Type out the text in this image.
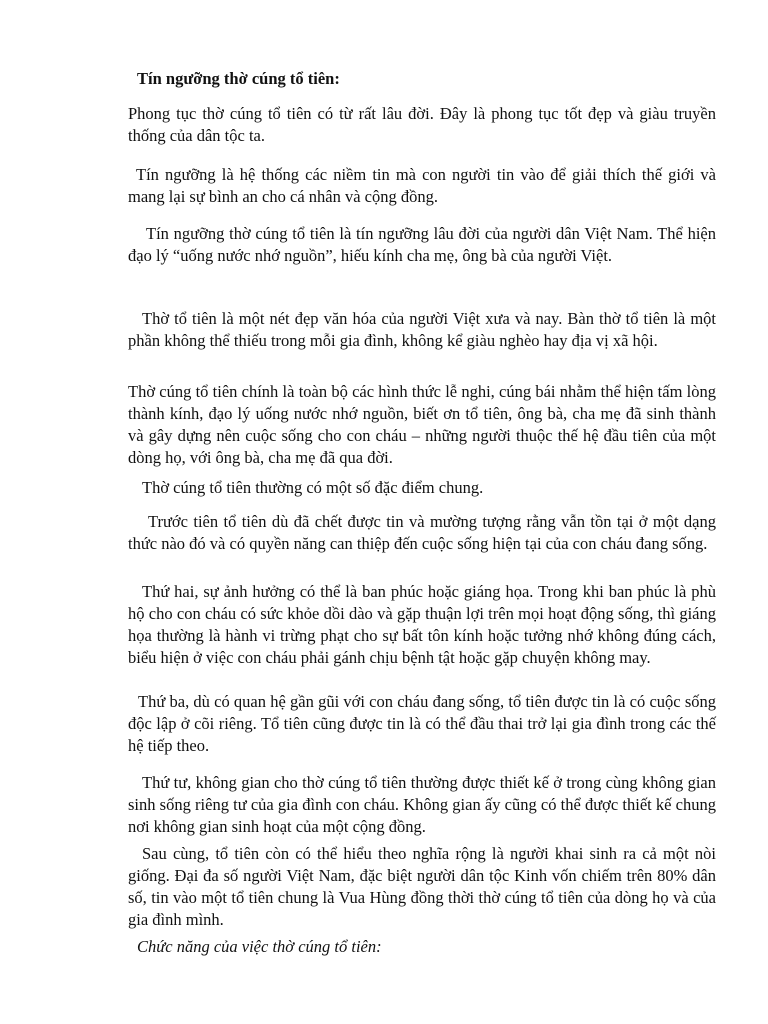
Tín ngưỡng thờ cúng tổ tiên:

Phong tục thờ cúng tổ tiên có từ rất lâu đời. Đây là phong tục tốt đẹp và giàu truyền thống của dân tộc ta.

Tín ngưỡng là hệ thống các niềm tin mà con người tin vào để giải thích thế giới và mang lại sự bình an cho cá nhân và cộng đồng.

Tín ngưỡng thờ cúng tổ tiên là tín ngưỡng lâu đời của người dân Việt Nam. Thể hiện đạo lý “uống nước nhớ nguồn”, hiếu kính cha mẹ, ông bà của người Việt.

Thờ tổ tiên là một nét đẹp văn hóa của người Việt xưa và nay. Bàn thờ tổ tiên là một phần không thể thiếu trong mỗi gia đình, không kể giàu nghèo hay địa vị xã hội.

Thờ cúng tổ tiên chính là toàn bộ các hình thức lễ nghi, cúng bái nhằm thể hiện tấm lòng thành kính, đạo lý uống nước nhớ nguồn, biết ơn tổ tiên, ông bà, cha mẹ đã sinh thành và gây dựng nên cuộc sống cho con cháu – những người thuộc thế hệ đầu tiên của một dòng họ, với ông bà, cha mẹ đã qua đời.

Thờ cúng tổ tiên thường có một số đặc điểm chung.

Trước tiên tổ tiên dù đã chết được tin và mường tượng rằng vẫn tồn tại ở một dạng thức nào đó và có quyền năng can thiệp đến cuộc sống hiện tại của con cháu đang sống.

Thứ hai, sự ảnh hưởng có thể là ban phúc hoặc giáng họa. Trong khi ban phúc là phù hộ cho con cháu có sức khỏe dồi dào và gặp thuận lợi trên mọi hoạt động sống, thì giáng họa thường là hành vi trừng phạt cho sự bất tôn kính hoặc tưởng nhớ không đúng cách, biểu hiện ở việc con cháu phải gánh chịu bệnh tật hoặc gặp chuyện không may.

Thứ ba, dù có quan hệ gần gũi với con cháu đang sống, tổ tiên được tin là có cuộc sống độc lập ở cõi riêng. Tổ tiên cũng được tin là có thể đầu thai trở lại gia đình trong các thế hệ tiếp theo.

Thứ tư, không gian cho thờ cúng tổ tiên thường được thiết kế ở trong cùng không gian sinh sống riêng tư của gia đình con cháu. Không gian ấy cũng có thể được thiết kế chung nơi không gian sinh hoạt của một cộng đồng.

Sau cùng, tổ tiên còn có thể hiểu theo nghĩa rộng là người khai sinh ra cả một nòi giống. Đại đa số người Việt Nam, đặc biệt người dân tộc Kinh vốn chiếm trên 80% dân số, tin vào một tổ tiên chung là Vua Hùng đồng thời thờ cúng tổ tiên của dòng họ và của gia đình mình.

Chức năng của việc thờ cúng tổ tiên:
